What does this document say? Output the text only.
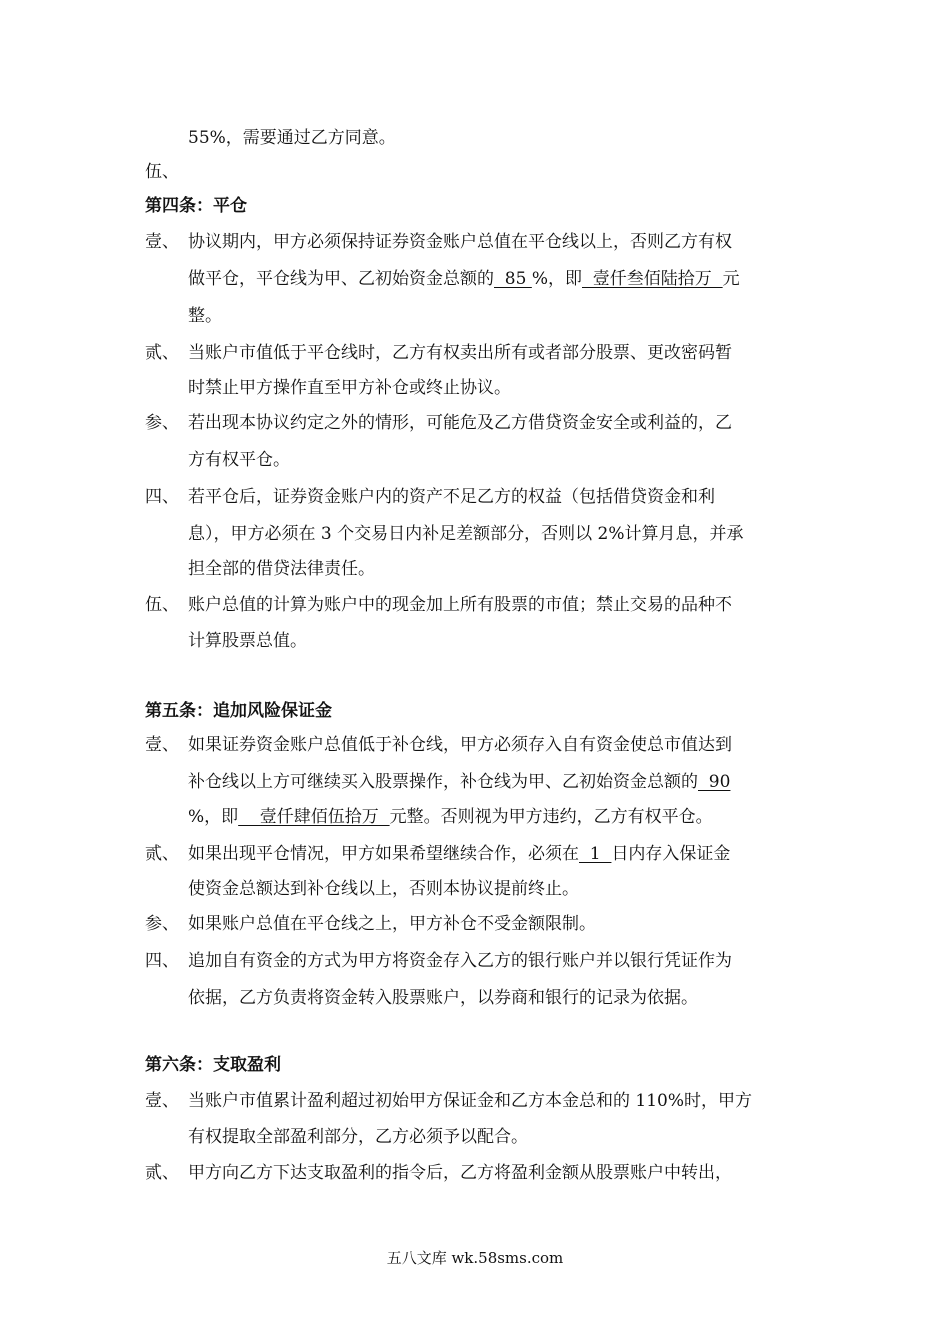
55%，需要通过乙方同意。
伍、
第四条：平仓
壹、 协议期内，甲方必须保持证券资金账户总值在平仓线以上，否则乙方有权
做平仓，平仓线为甲、乙初始资金总额的  85 %，即  壹仟叁佰陆拾万  元
整。
贰、 当账户市值低于平仓线时，乙方有权卖出所有或者部分股票、更改密码暂
时禁止甲方操作直至甲方补仓或终止协议。
参、 若出现本协议约定之外的情形，可能危及乙方借贷资金安全或利益的，乙
方有权平仓。
四、 若平仓后，证券资金账户内的资产不足乙方的权益（包括借贷资金和利
息），甲方必须在 3 个交易日内补足差额部分，否则以 2%计算月息，并承
担全部的借贷法律责任。
伍、 账户总值的计算为账户中的现金加上所有股票的市值；禁止交易的品种不
计算股票总值。
第五条：追加风险保证金
壹、 如果证券资金账户总值低于补仓线，甲方必须存入自有资金使总市值达到
补仓线以上方可继续买入股票操作，补仓线为甲、乙初始资金总额的  90
%，即    壹仟肆佰伍拾万  元整。否则视为甲方违约，乙方有权平仓。
贰、 如果出现平仓情况，甲方如果希望继续合作，必须在  1  日内存入保证金
使资金总额达到补仓线以上，否则本协议提前终止。
参、 如果账户总值在平仓线之上，甲方补仓不受金额限制。
四、 追加自有资金的方式为甲方将资金存入乙方的银行账户并以银行凭证作为
依据，乙方负责将资金转入股票账户，以券商和银行的记录为依据。
第六条：支取盈利
壹、 当账户市值累计盈利超过初始甲方保证金和乙方本金总和的 110%时，甲方
有权提取全部盈利部分，乙方必须予以配合。
贰、 甲方向乙方下达支取盈利的指令后，乙方将盈利金额从股票账户中转出，
五八文库 wk.58sms.com
